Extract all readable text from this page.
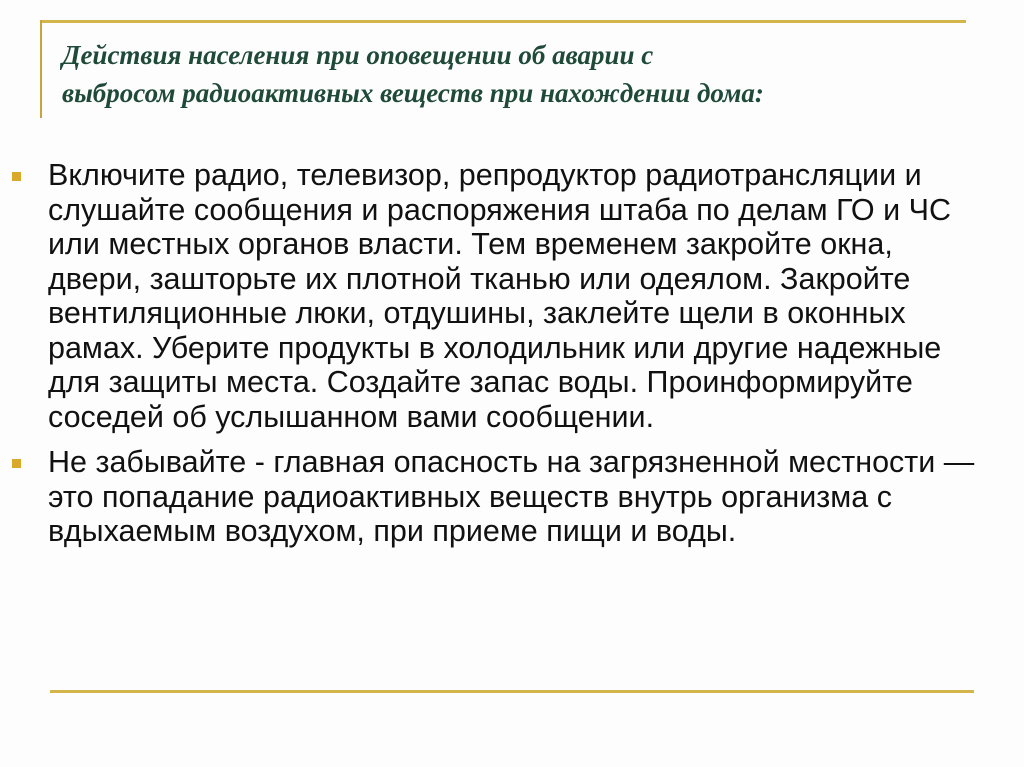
Действия населения при оповещении об аварии с
выбросом радиоактивных веществ при нахождении дома:
Включите радио, телевизор, репродуктор радиотрансляции и слушайте сообщения и распоряжения штаба по делам ГО и ЧС или местных органов власти. Тем временем закройте окна, двери, зашторьте их плотной тканью или одеялом. Закройте вентиляционные люки, отдушины, заклейте щели в оконных рамах. Уберите продукты в холодильник или другие надежные для защиты места. Создайте запас воды. Проинформируйте соседей об услышанном вами сообщении.
Не забывайте - главная опасность на загрязненной местности — это попадание радиоактивных веществ внутрь организма с вдыхаемым воздухом, при приеме пищи и воды.
